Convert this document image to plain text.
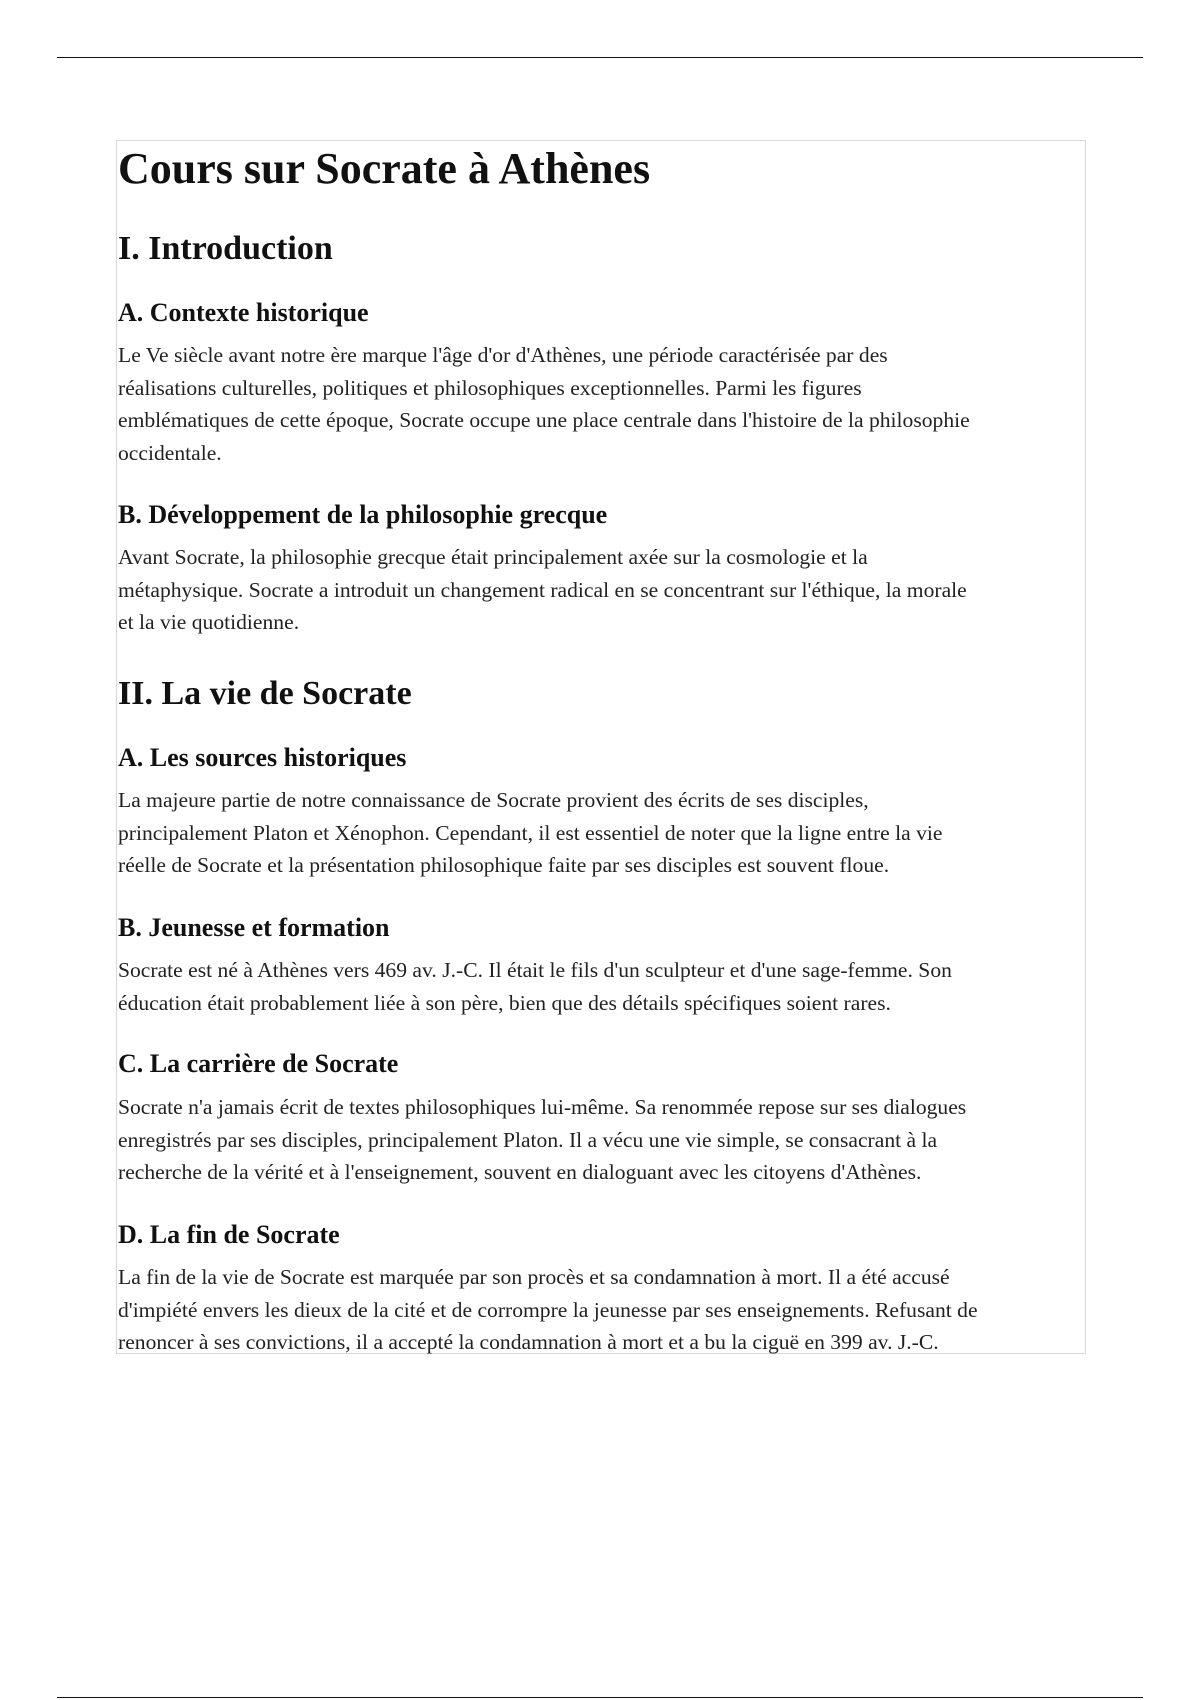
Cours sur Socrate à Athènes
I. Introduction
A. Contexte historique

Le Ve siècle avant notre ère marque l'âge d'or d'Athènes, une période caractérisée par des

réalisations culturelles, politiques et philosophiques exceptionnelles. Parmi les figures

emblématiques de cette époque, Socrate occupe une place centrale dans l'histoire de la philosophie

occidentale.

B. Développement de la philosophie grecque

Avant Socrate, la philosophie grecque était principalement axée sur la cosmologie et la

métaphysique. Socrate a introduit un changement radical en se concentrant sur l'éthique, la morale

et la vie quotidienne.

II. La vie de Socrate
A. Les sources historiques

La majeure partie de notre connaissance de Socrate provient des écrits de ses disciples,

principalement Platon et Xénophon. Cependant, il est essentiel de noter que la ligne entre la vie

réelle de Socrate et la présentation philosophique faite par ses disciples est souvent floue.

B. Jeunesse et formation

Socrate est né à Athènes vers 469 av. J.-C. Il était le fils d'un sculpteur et d'une sage-femme. Son

éducation était probablement liée à son père, bien que des détails spécifiques soient rares.

C. La carrière de Socrate

Socrate n'a jamais écrit de textes philosophiques lui-même. Sa renommée repose sur ses dialogues

enregistrés par ses disciples, principalement Platon. Il a vécu une vie simple, se consacrant à la

recherche de la vérité et à l'enseignement, souvent en dialoguant avec les citoyens d'Athènes.

D. La fin de Socrate

La fin de la vie de Socrate est marquée par son procès et sa condamnation à mort. Il a été accusé

d'impiété envers les dieux de la cité et de corrompre la jeunesse par ses enseignements. Refusant de

renoncer à ses convictions, il a accepté la condamnation à mort et a bu la ciguë en 399 av. J.-C.
